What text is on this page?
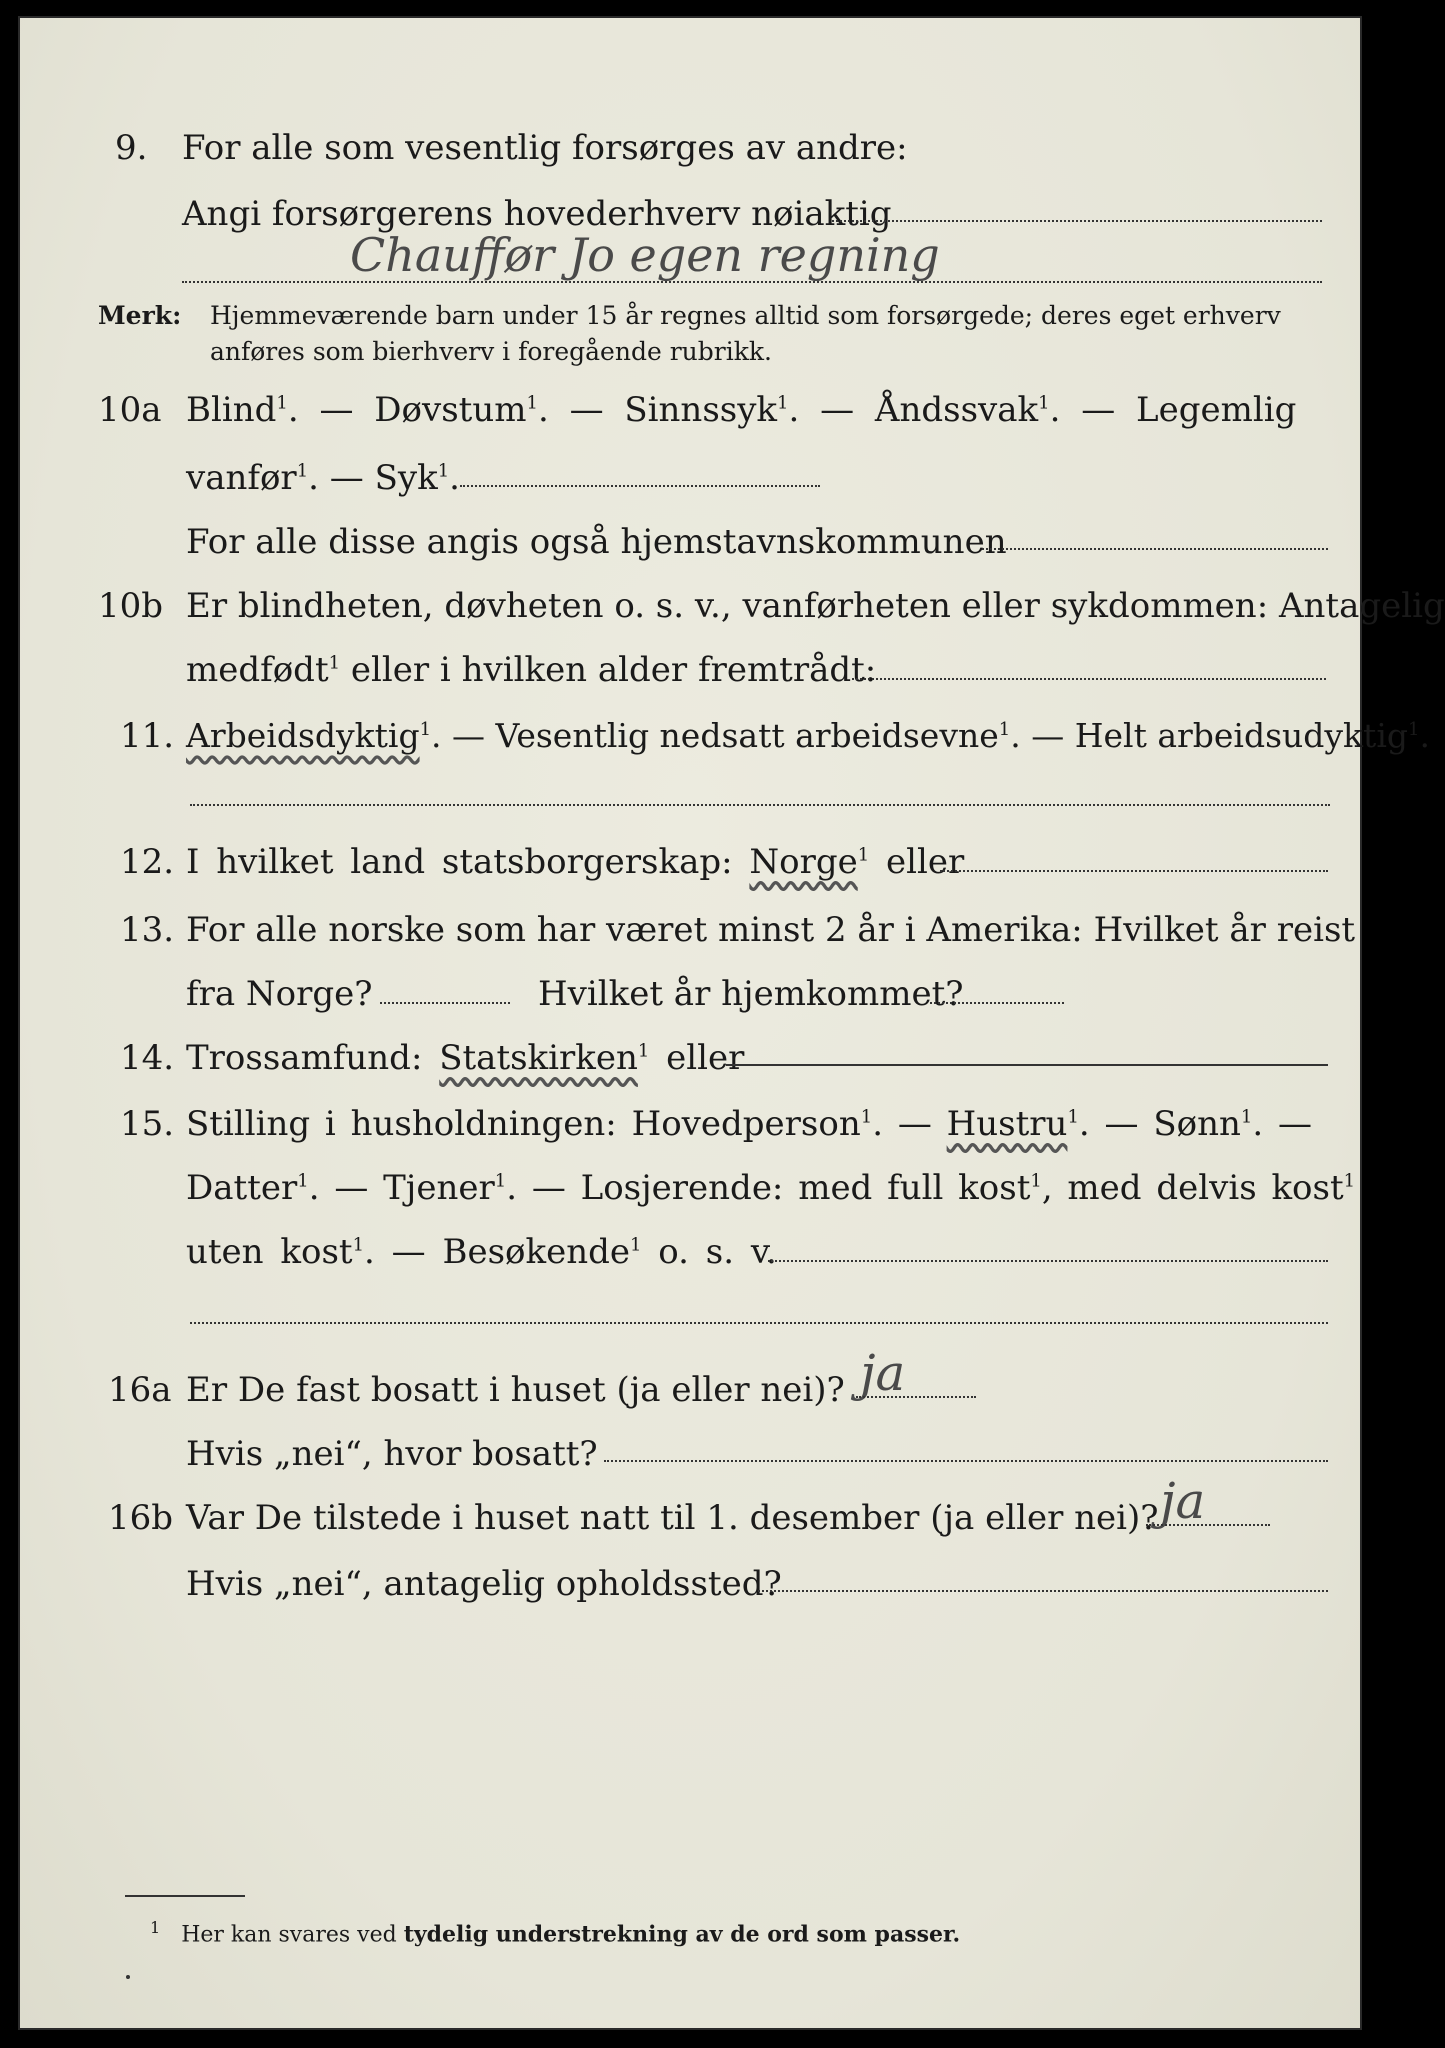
9.	For alle som vesentlig forsørges av andre:
Angi forsørgerens hovederhverv nøiaktig
Chauffør Jo egen regning
Merk: Hjemmeværende barn under 15 år regnes alltid som forsørgede; deres eget erhverv
anføres som bierhverv i foregående rubrikk.
10a Blind$^1$. — Døvstum$^1$. — Sinnssyk$^1$. — Åndssvak$^1$. — Legemlig
vanfør$^1$. — Syk$^1$.
For alle disse angis også hjemstavnskommunen
10b Er blindheten, døvheten o. s. v., vanførheten eller sykdommen: Antagelig
medfødt$^1$ eller i hvilken alder fremtrådt:
11. Arbeidsdyktig$^1$. — Vesentlig nedsatt arbeidsevne$^1$. — Helt arbeidsudyktig$^1$.
12. I hvilket land statsborgerskap: Norge$^1$ eller
13. For alle norske som har været minst 2 år i Amerika: Hvilket år reist
fra Norge?	Hvilket år hjemkommet?
14. Trossamfund: Statskirken$^1$ eller
15. Stilling i husholdningen: Hovedperson$^1$. — Hustru$^1$. — Sønn$^1$. —
Datter$^1$. — Tjener$^1$. — Losjerende: med full kost$^1$, med delvis kost$^1$
uten kost$^1$. — Besøkende$^1$ o. s. v.
16a Er De fast bosatt i huset (ja eller nei)? ja
Hvis „nei“, hvor bosatt?
16b Var De tilstede i huset natt til 1. desember (ja eller nei)? ja
Hvis „nei“, antagelig opholdssted?
$^1$ Her kan svares ved tydelig understrekning av de ord som passer.
